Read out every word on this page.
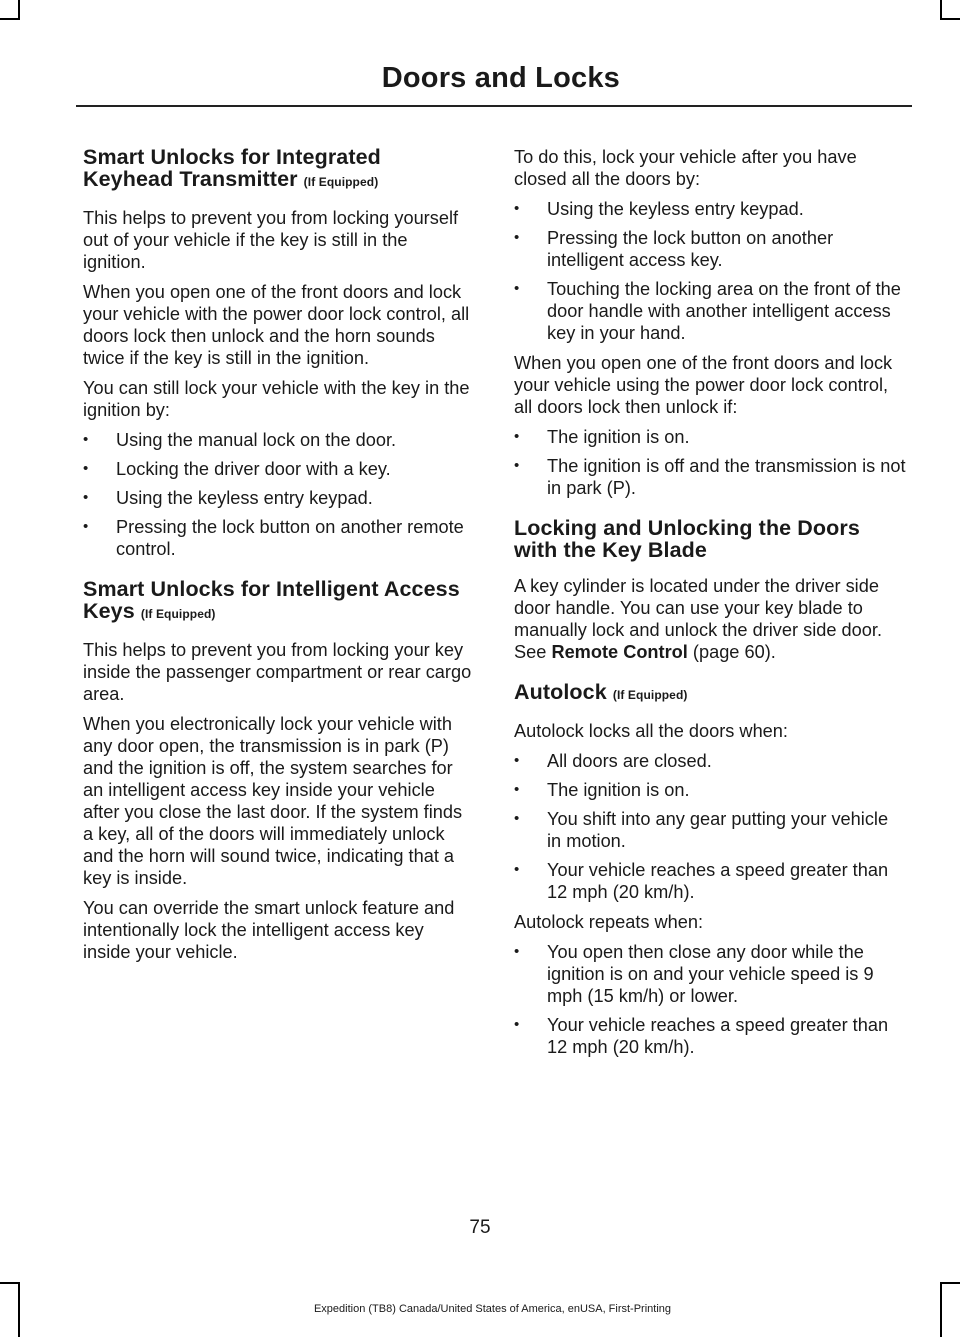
Doors and Locks
Smart Unlocks for Integrated Keyhead Transmitter (If Equipped)

This helps to prevent you from locking yourself out of your vehicle if the key is still in the ignition.

When you open one of the front doors and lock your vehicle with the power door lock control, all doors lock then unlock and the horn sounds twice if the key is still in the ignition.

You can still lock your vehicle with the key in the ignition by:

• Using the manual lock on the door.
• Locking the driver door with a key.
• Using the keyless entry keypad.
• Pressing the lock button on another remote control.
Smart Unlocks for Intelligent Access Keys (If Equipped)

This helps to prevent you from locking your key inside the passenger compartment or rear cargo area.

When you electronically lock your vehicle with any door open, the transmission is in park (P) and the ignition is off, the system searches for an intelligent access key inside your vehicle after you close the last door. If the system finds a key, all of the doors will immediately unlock and the horn will sound twice, indicating that a key is inside.

You can override the smart unlock feature and intentionally lock the intelligent access key inside your vehicle.

To do this, lock your vehicle after you have closed all the doors by:

• Using the keyless entry keypad.
• Pressing the lock button on another intelligent access key.
• Touching the locking area on the front of the door handle with another intelligent access key in your hand.

When you open one of the front doors and lock your vehicle using the power door lock control, all doors lock then unlock if:

• The ignition is on.
• The ignition is off and the transmission is not in park (P).
Locking and Unlocking the Doors with the Key Blade

A key cylinder is located under the driver side door handle. You can use your key blade to manually lock and unlock the driver side door. See Remote Control (page 60).

Autolock (If Equipped)

Autolock locks all the doors when:

• All doors are closed.
• The ignition is on.
• You shift into any gear putting your vehicle in motion.
• Your vehicle reaches a speed greater than 12 mph (20 km/h).

Autolock repeats when:

• You open then close any door while the ignition is on and your vehicle speed is 9 mph (15 km/h) or lower.
• Your vehicle reaches a speed greater than 12 mph (20 km/h).
75
Expedition (TB8) Canada/United States of America, enUSA, First-Printing
